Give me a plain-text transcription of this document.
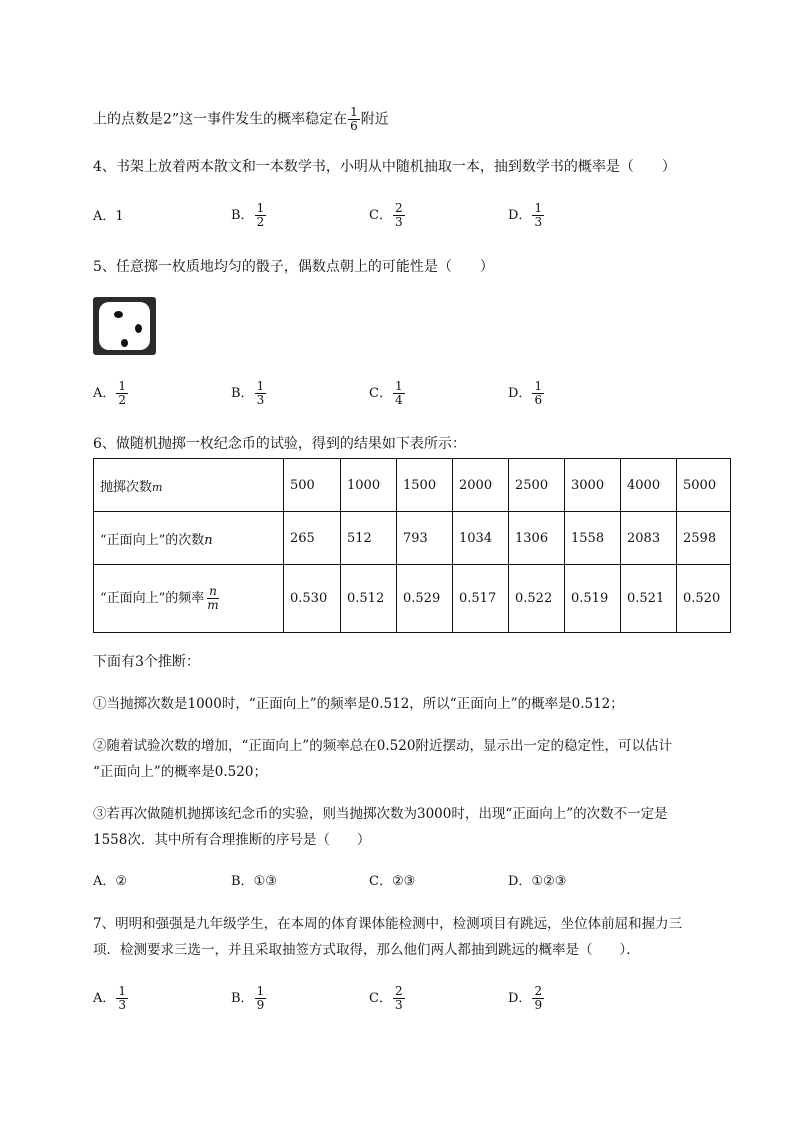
上的点数是2”这一事件发生的概率稳定在 $\frac{1}{6}$ 附近
4、书架上放着两本散文和一本数学书，小明从中随机抽取一本，抽到数学书的概率是（　　）
A． 1	B． $\frac{1}{2}$	C． $\frac{2}{3}$	D． $\frac{1}{3}$
5、任意掷一枚质地均匀的骰子，偶数点朝上的可能性是（　　）
A． $\frac{1}{2}$	B． $\frac{1}{3}$	C． $\frac{1}{4}$	D． $\frac{1}{6}$
6、做随机抛掷一枚纪念币的试验，得到的结果如下表所示：
抛掷次数m	500	1000	1500	2000	2500	3000	4000	5000
“正面向上”的次数n	265	512	793	1034	1306	1558	2083	2598
“正面向上”的频率 $\frac{n}{m}$	0.530	0.512	0.529	0.517	0.522	0.519	0.521	0.520
下面有3个推断：
①当抛掷次数是1000时，“正面向上”的频率是0.512，所以“正面向上”的概率是0.512；
②随着试验次数的增加，“正面向上”的频率总在0.520附近摆动，显示出一定的稳定性，可以估计
“正面向上”的概率是0.520；
③若再次做随机抛掷该纪念币的实验，则当抛掷次数为3000时，出现“正面向上”的次数不一定是
1558次．其中所有合理推断的序号是（　　）
A． ②	B． ①③	C． ②③	D． ①②③
7、明明和强强是九年级学生，在本周的体育课体能检测中，检测项目有跳远，坐位体前屈和握力三
项．检测要求三选一，并且采取抽签方式取得，那么他们两人都抽到跳远的概率是（　　）．
A． $\frac{1}{3}$	B． $\frac{1}{9}$	C． $\frac{2}{3}$	D． $\frac{2}{9}$
